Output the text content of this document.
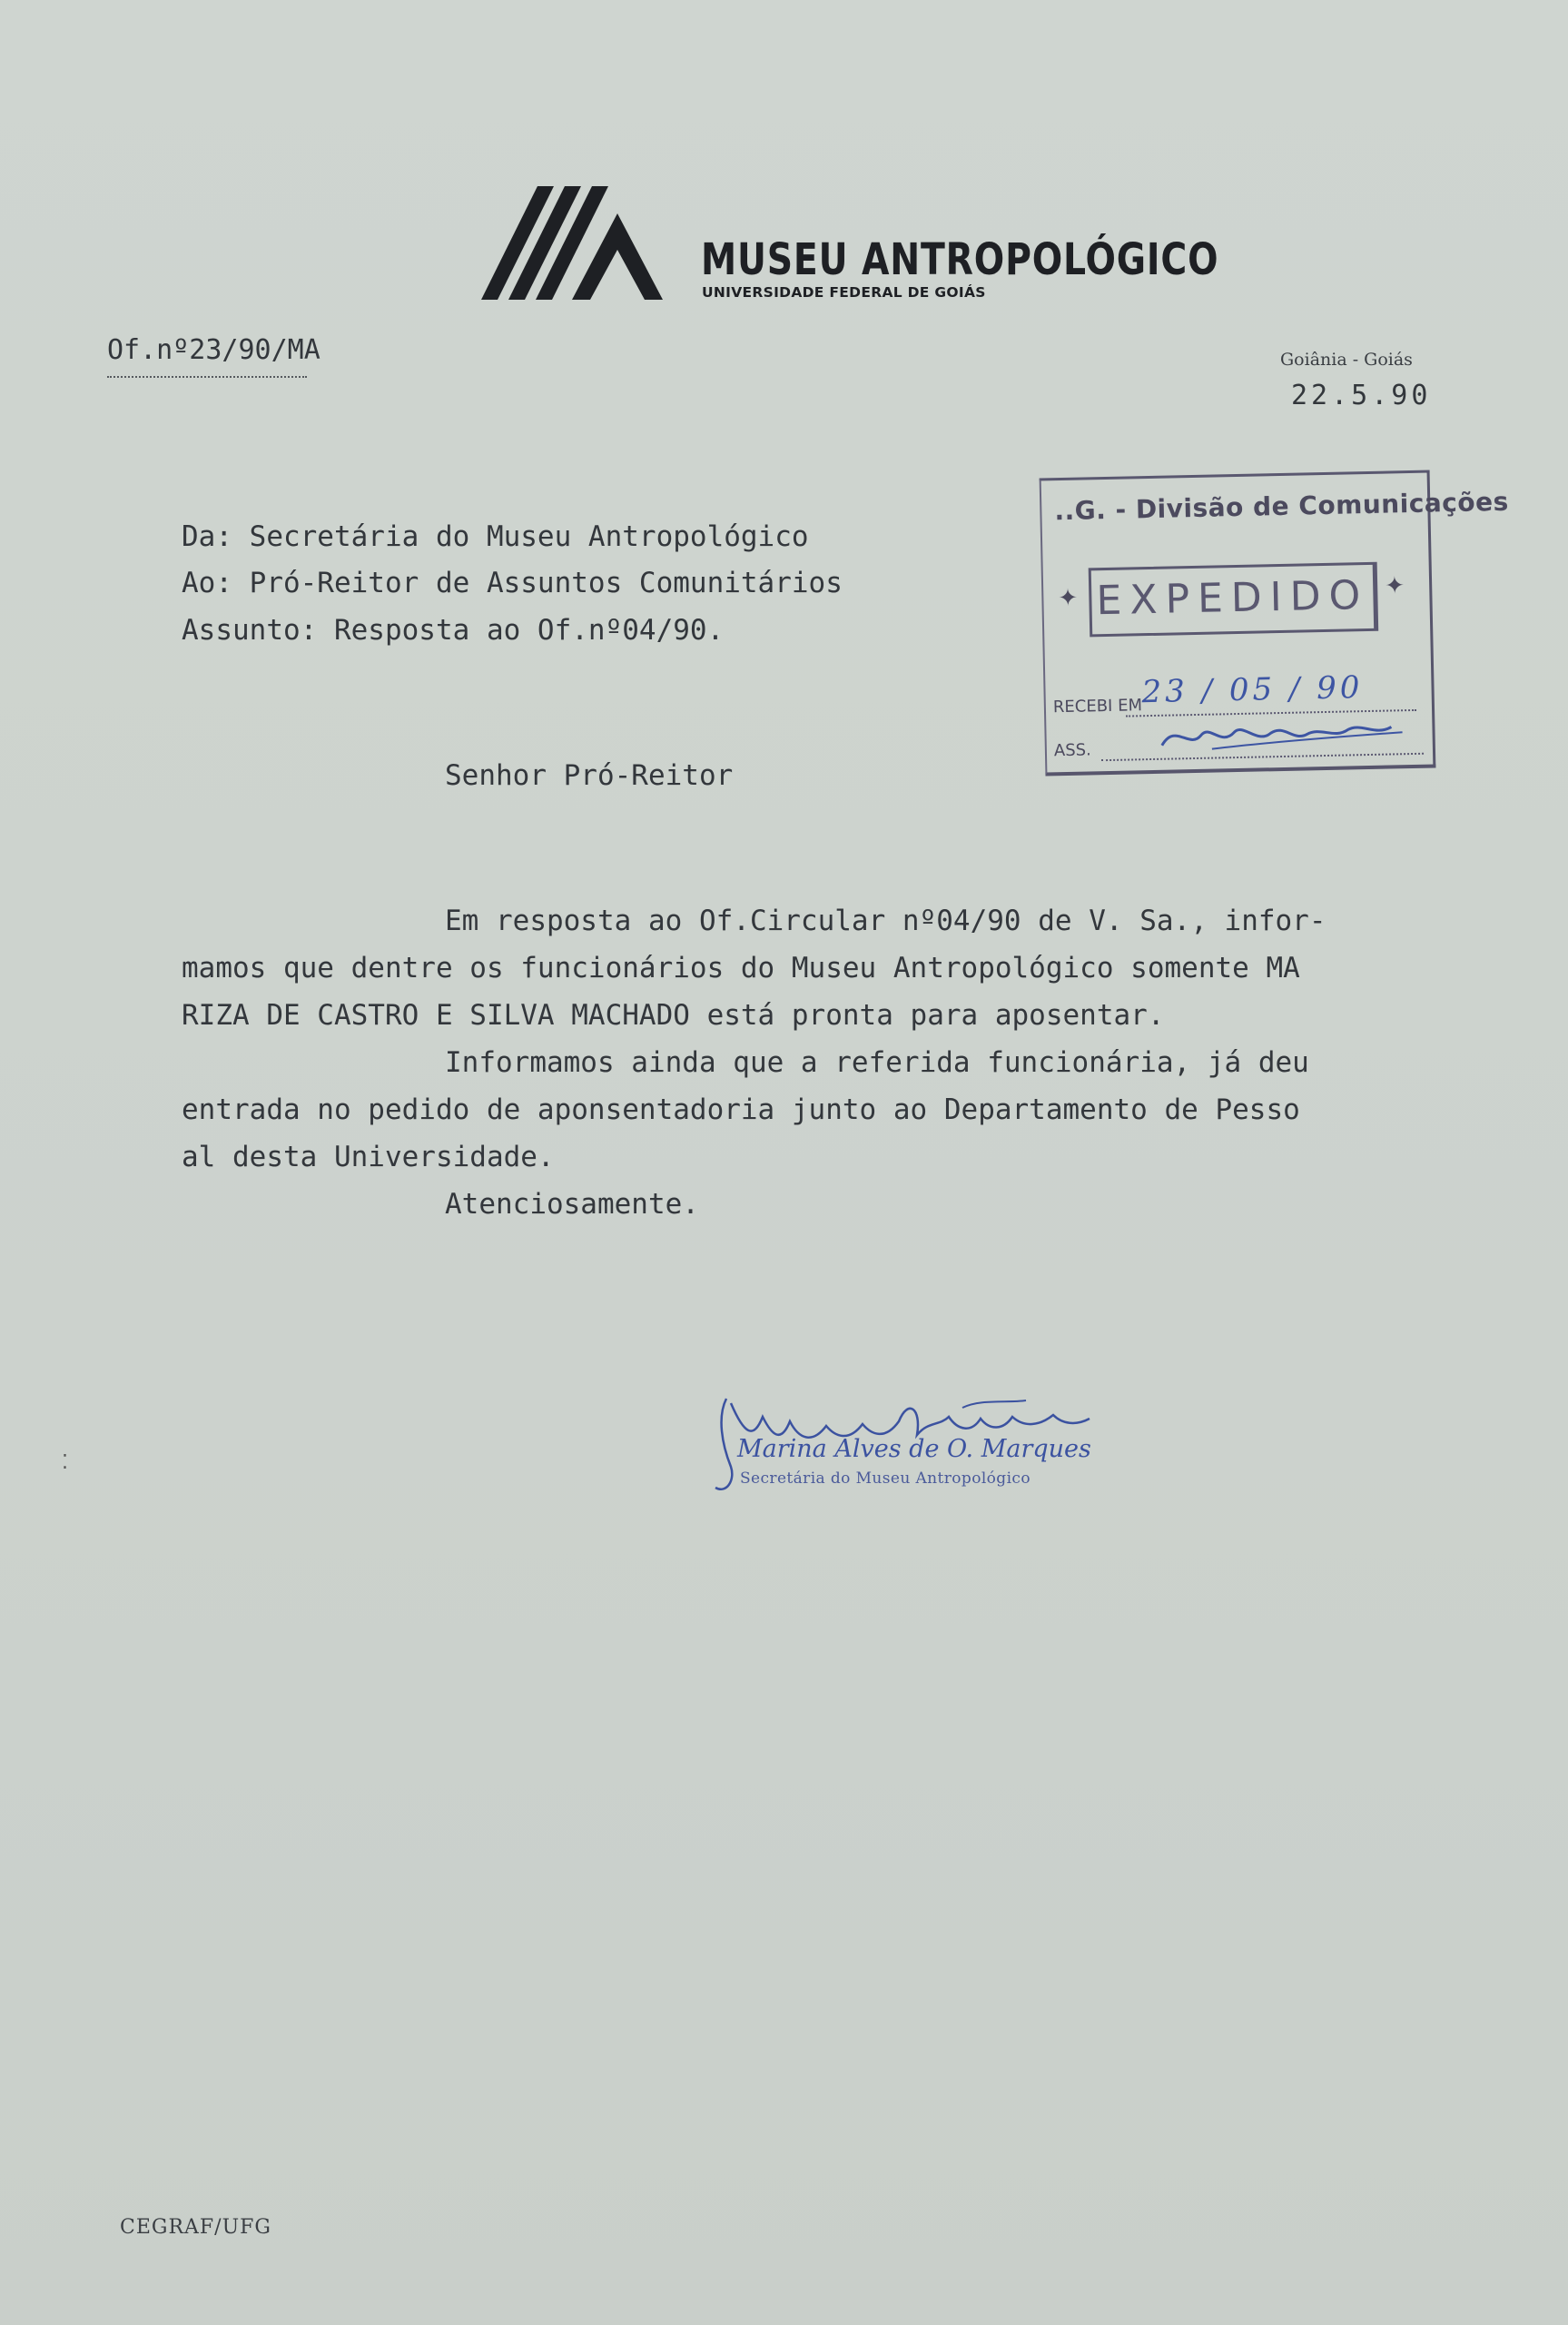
MUSEU ANTROPOLÓGICO
UNIVERSIDADE FEDERAL DE GOIÁS
Of.nº23/90/MA	Goiânia - Goiás
22.5.90
Da: Secretária do Museu Antropológico
Ao: Pró-Reitor de Assuntos Comunitários
Assunto: Resposta ao Of.nº04/90.
..G. - Divisão de Comunicações
✦ EXPEDIDO ✦
RECEBI EM
23 / 05 / 90
ASS.
Senhor Pró-Reitor
Em resposta ao Of.Circular nº04/90 de V. Sa., infor-
mamos que dentre os funcionários do Museu Antropológico somente MA
RIZA DE CASTRO E SILVA MACHADO está pronta para aposentar.
Informamos ainda que a referida funcionária, já deu
entrada no pedido de aponsentadoria junto ao Departamento de Pesso
al desta Universidade.
Atenciosamente.
Marina Alves de O. Marques
Secretária do Museu Antropológico
⁚
CEGRAF/UFG
